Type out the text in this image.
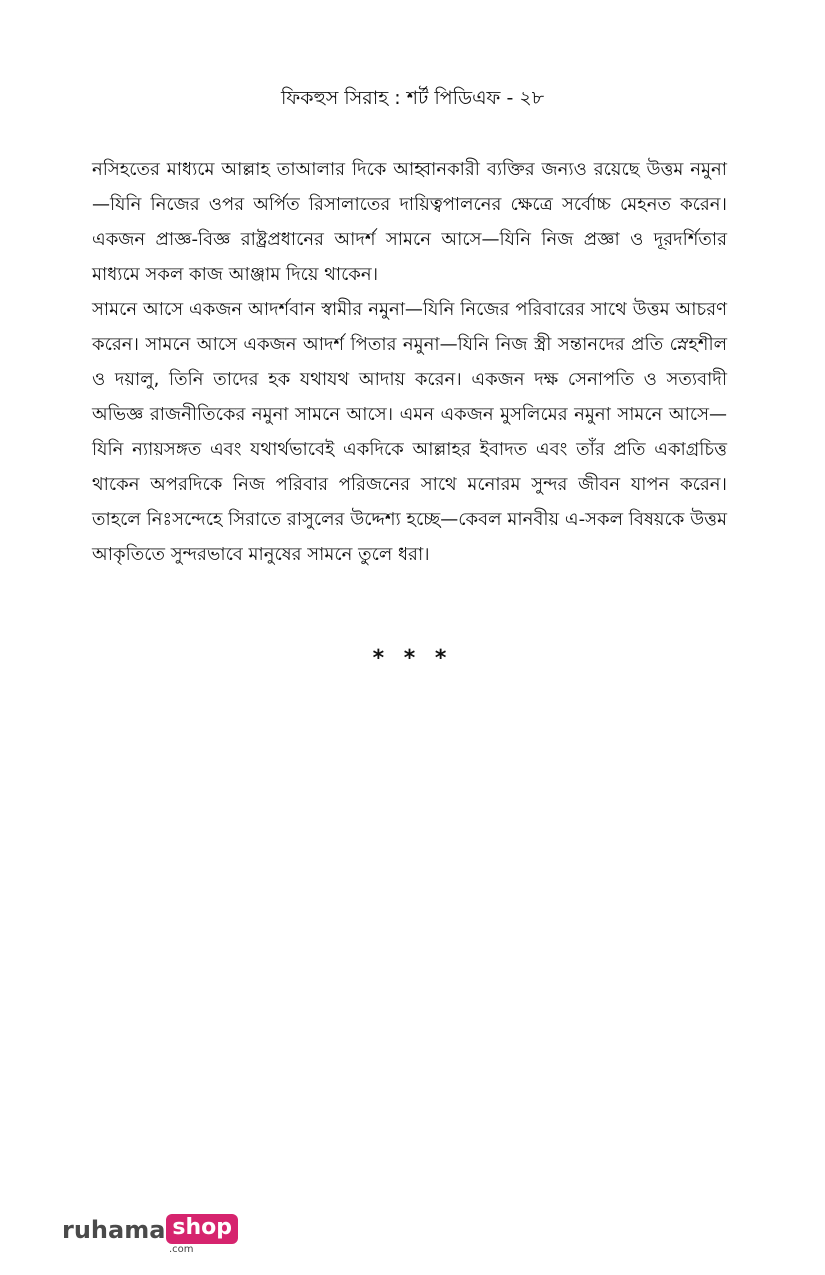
ফিকহুস সিরাহ : শর্ট পিডিএফ - ২৮

নসিহতের মাধ্যমে আল্লাহ তাআলার দিকে আহ্বানকারী ব্যক্তির জন্যও রয়েছে উত্তম নমুনা—যিনি নিজের ওপর অর্পিত রিসালাতের দায়িত্বপালনের ক্ষেত্রে সর্বোচ্চ মেহনত করেন। একজন প্রাজ্ঞ-বিজ্ঞ রাষ্ট্রপ্রধানের আদর্শ সামনে আসে—যিনি নিজ প্রজ্ঞা ও দূরদর্শিতার মাধ্যমে সকল কাজ আঞ্জাম দিয়ে থাকেন।

সামনে আসে একজন আদর্শবান স্বামীর নমুনা—যিনি নিজের পরিবারের সাথে উত্তম আচরণ করেন। সামনে আসে একজন আদর্শ পিতার নমুনা—যিনি নিজ স্ত্রী সন্তানদের প্রতি স্নেহশীল ও দয়ালু, তিনি তাদের হক যথাযথ আদায় করেন। একজন দক্ষ সেনাপতি ও সত্যবাদী অভিজ্ঞ রাজনীতিকের নমুনা সামনে আসে। এমন একজন মুসলিমের নমুনা সামনে আসে—যিনি ন্যায়সঙ্গত এবং যথার্থভাবেই একদিকে আল্লাহর ইবাদত এবং তাঁর প্রতি একাগ্রচিত্ত থাকেন অপরদিকে নিজ পরিবার পরিজনের সাথে মনোরম সুন্দর জীবন যাপন করেন। তাহলে নিঃসন্দেহে সিরাতে রাসুলের উদ্দেশ্য হচ্ছে—কেবল মানবীয় এ-সকল বিষয়কে উত্তম আকৃতিতে সুন্দরভাবে মানুষের সামনে তুলে ধরা।

* * *
ruhama shop
.com
